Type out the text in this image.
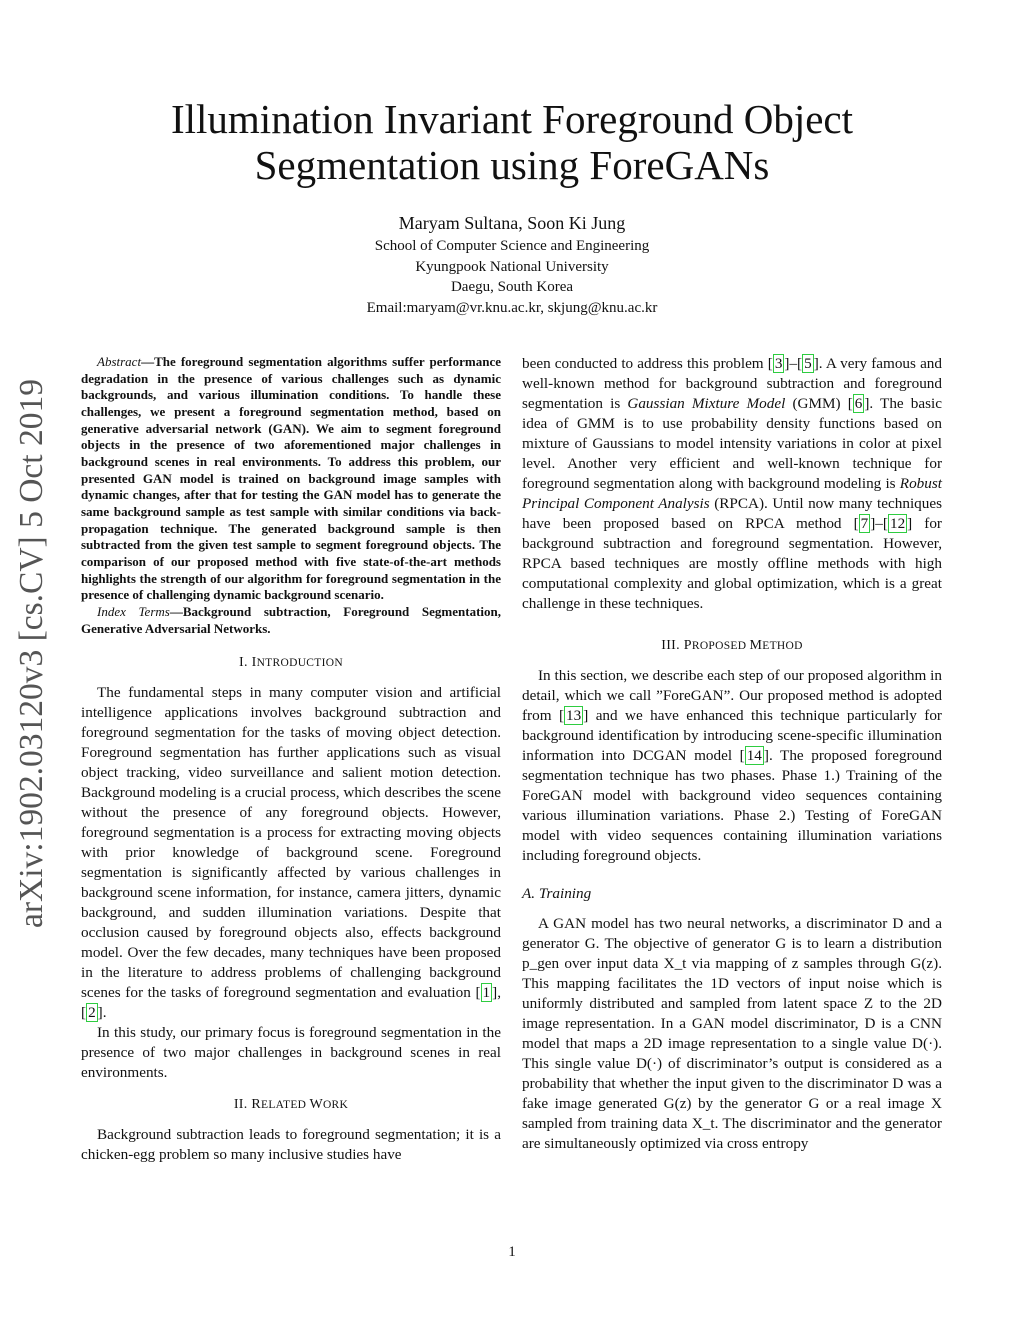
Illumination Invariant Foreground Object
Segmentation using ForeGANs
Maryam Sultana, Soon Ki Jung
School of Computer Science and Engineering
Kyungpook National University
Daegu, South Korea
Email:maryam@vr.knu.ac.kr, skjung@knu.ac.kr
arXiv:1902.03120v3 [cs.CV] 5 Oct 2019

Abstract—The foreground segmentation algorithms suffer performance degradation in the presence of various challenges such as dynamic backgrounds, and various illumination conditions. To handle these challenges, we present a foreground segmentation method, based on generative adversarial network (GAN). We aim to segment foreground objects in the presence of two aforementioned major challenges in background scenes in real environments. To address this problem, our presented GAN model is trained on background image samples with dynamic changes, after that for testing the GAN model has to generate the same background sample as test sample with similar conditions via back-propagation technique. The generated background sample is then subtracted from the given test sample to segment foreground objects. The comparison of our proposed method with five state-of-the-art methods highlights the strength of our algorithm for foreground segmentation in the presence of challenging dynamic background scenario.

Index Terms—Background subtraction, Foreground Segmentation, Generative Adversarial Networks.

I. INTRODUCTION

The fundamental steps in many computer vision and artificial intelligence applications involves background subtraction and foreground segmentation for the tasks of moving object detection. Foreground segmentation has further applications such as visual object tracking, video surveillance and salient motion detection. Background modeling is a crucial process, which describes the scene without the presence of any foreground objects. However, foreground segmentation is a process for extracting moving objects with prior knowledge of background scene. Foreground segmentation is significantly affected by various challenges in background scene information, for instance, camera jitters, dynamic background, and sudden illumination variations. Despite that occlusion caused by foreground objects also, effects background model. Over the few decades, many techniques have been proposed in the literature to address problems of challenging background scenes for the tasks of foreground segmentation and evaluation [ 1 ], [ 2 ].

In this study, our primary focus is foreground segmentation in the presence of two major challenges in background scenes in real environments.

II. RELATED WORK

Background subtraction leads to foreground segmentation; it is a chicken-egg problem so many inclusive studies have

been conducted to address this problem [ 3 ]–[ 5 ]. A very famous and well-known method for background subtraction and foreground segmentation is Gaussian Mixture Model (GMM) [ 6 ]. The basic idea of GMM is to use probability density functions based on mixture of Gaussians to model intensity variations in color at pixel level. Another very efficient and well-known technique for foreground segmentation along with background modeling is Robust Principal Component Analysis (RPCA). Until now many techniques have been proposed based on RPCA method [ 7 ]–[ 12 ] for background subtraction and foreground segmentation. However, RPCA based techniques are mostly offline methods with high computational complexity and global optimization, which is a great challenge in these techniques.

III. PROPOSED METHOD

In this section, we describe each step of our proposed algorithm in detail, which we call ”ForeGAN”. Our proposed method is adopted from [ 13 ] and we have enhanced this technique particularly for background identification by introducing scene-specific illumination information into DCGAN model [ 14 ]. The proposed foreground segmentation technique has two phases. Phase 1.) Training of the ForeGAN model with background video sequences containing various illumination variations. Phase 2.) Testing of ForeGAN model with video sequences containing illumination variations including foreground objects.

A. Training

A GAN model has two neural networks, a discriminator D and a generator G. The objective of generator G is to learn a distribution p_gen over input data X_t via mapping of z samples through G(z). This mapping facilitates the 1D vectors of input noise which is uniformly distributed and sampled from latent space Z to the 2D image representation. In a GAN model discriminator, D is a CNN model that maps a 2D image representation to a single value D(·). This single value D(·) of discriminator’s output is considered as a probability that whether the input given to the discriminator D was a fake image generated G(z) by the generator G or a real image X sampled from training data X_t. The discriminator and the generator are simultaneously optimized via cross entropy

1
